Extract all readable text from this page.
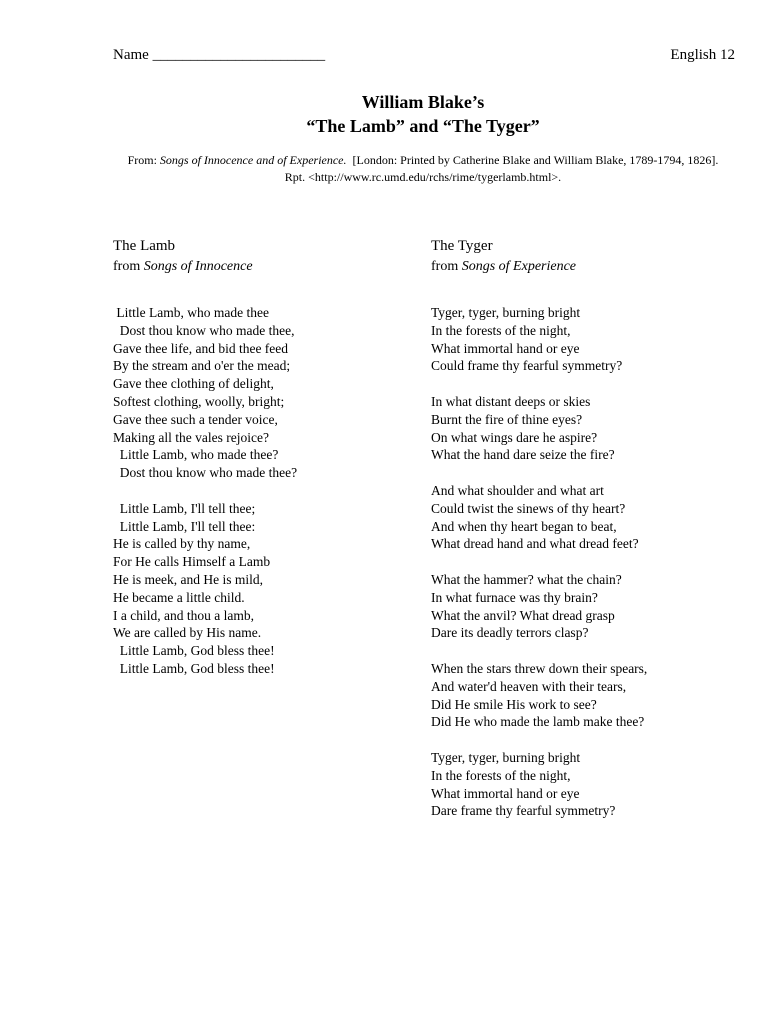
Name _______________________	English 12
William Blake’s
“The Lamb” and “The Tyger”
From: Songs of Innocence and of Experience.  [London: Printed by Catherine Blake and William Blake, 1789-1794, 1826].
Rpt. <http://www.rc.umd.edu/rchs/rime/tygerlamb.html>.
The Lamb
from Songs of Innocence
Little Lamb, who made thee
Dost thou know who made thee,
Gave thee life, and bid thee feed
By the stream and o'er the mead;
Gave thee clothing of delight,
Softest clothing, woolly, bright;
Gave thee such a tender voice,
Making all the vales rejoice?
Little Lamb, who made thee?
Dost thou know who made thee?
Little Lamb, I'll tell thee;
Little Lamb, I'll tell thee:
He is called by thy name,
For He calls Himself a Lamb
He is meek, and He is mild,
He became a little child.
I a child, and thou a lamb,
We are called by His name.
Little Lamb, God bless thee!
Little Lamb, God bless thee!
The Tyger
from Songs of Experience
Tyger, tyger, burning bright
In the forests of the night,
What immortal hand or eye
Could frame thy fearful symmetry?
In what distant deeps or skies
Burnt the fire of thine eyes?
On what wings dare he aspire?
What the hand dare seize the fire?
And what shoulder and what art
Could twist the sinews of thy heart?
And when thy heart began to beat,
What dread hand and what dread feet?
What the hammer? what the chain?
In what furnace was thy brain?
What the anvil? What dread grasp
Dare its deadly terrors clasp?
When the stars threw down their spears,
And water'd heaven with their tears,
Did He smile His work to see?
Did He who made the lamb make thee?
Tyger, tyger, burning bright
In the forests of the night,
What immortal hand or eye
Dare frame thy fearful symmetry?
